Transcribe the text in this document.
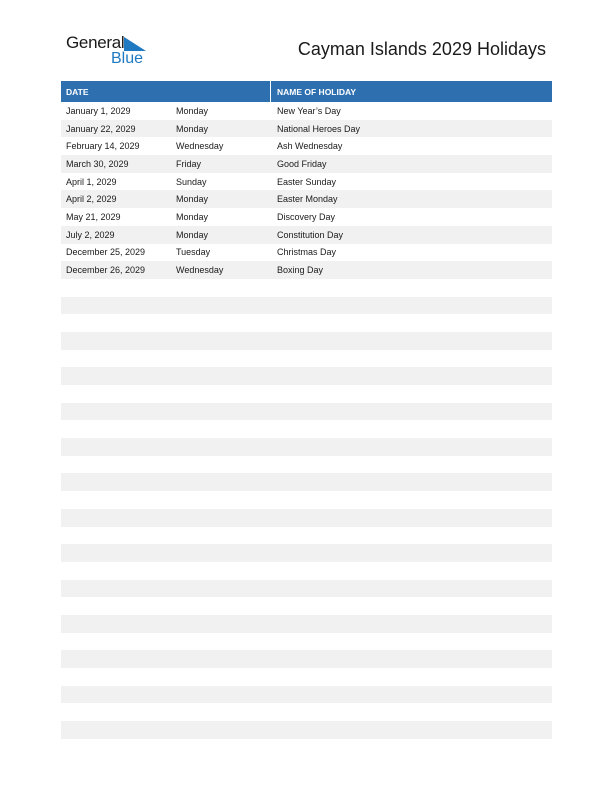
General
Blue	Cayman Islands 2029 Holidays
DATE	NAME OF HOLIDAY
January 1, 2029	Monday	New Year’s Day
January 22, 2029	Monday	National Heroes Day
February 14, 2029	Wednesday	Ash Wednesday
March 30, 2029	Friday	Good Friday
April 1, 2029	Sunday	Easter Sunday
April 2, 2029	Monday	Easter Monday
May 21, 2029	Monday	Discovery Day
July 2, 2029	Monday	Constitution Day
December 25, 2029	Tuesday	Christmas Day
December 26, 2029	Wednesday	Boxing Day
